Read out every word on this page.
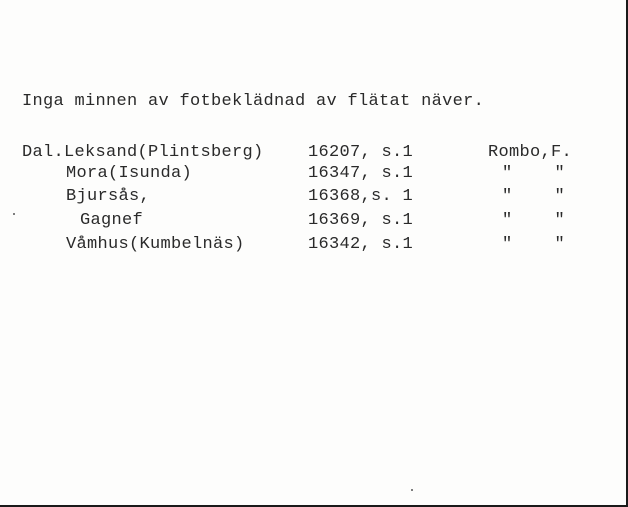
Inga minnen av fotbeklädnad av flätat näver.
Dal.Leksand(Plintsberg)	16207, s.1	Rombo,F.
Mora(Isunda)	16347, s.1	"    "
Bjursås,	16368,s. 1	"    "
Gagnef	16369, s.1	"    "
Våmhus(Kumbelnäs)	16342, s.1	"    "
